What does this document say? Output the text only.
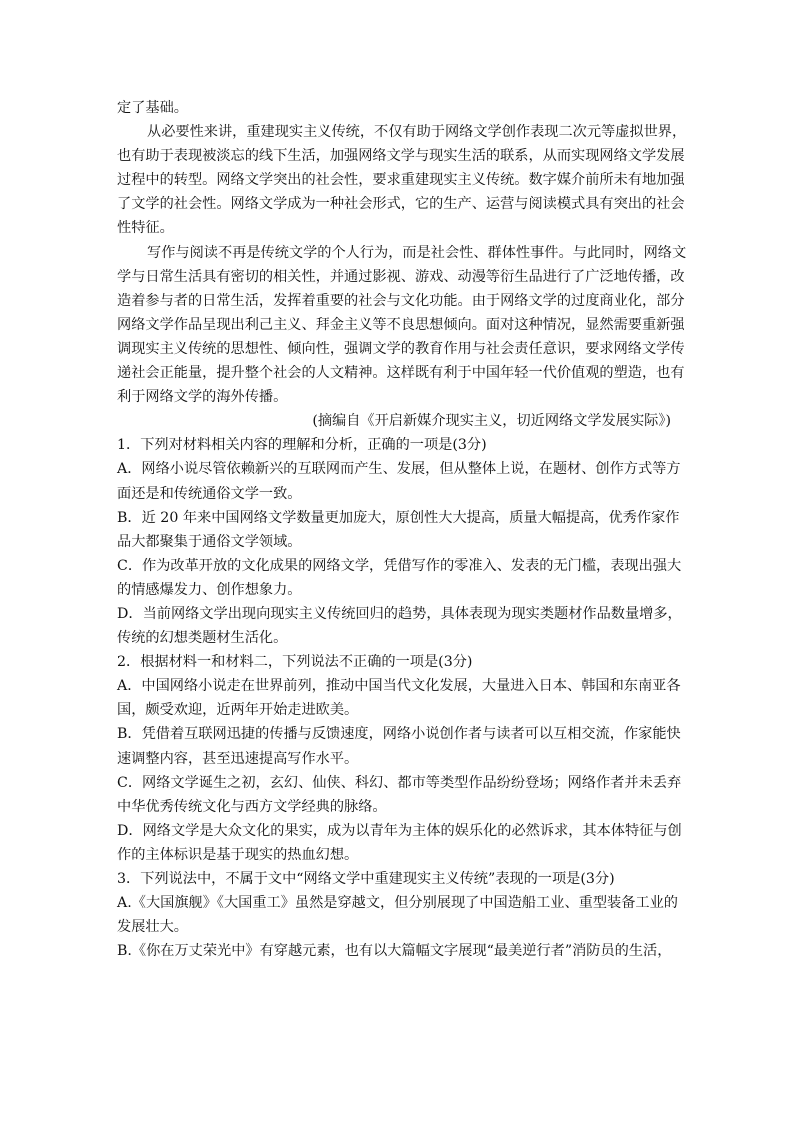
定了基础。
从必要性来讲，重建现实主义传统，不仅有助于网络文学创作表现二次元等虚拟世界，
也有助于表现被淡忘的线下生活，加强网络文学与现实生活的联系，从而实现网络文学发展
过程中的转型。网络文学突出的社会性，要求重建现实主义传统。数字媒介前所未有地加强
了文学的社会性。网络文学成为一种社会形式，它的生产、运营与阅读模式具有突出的社会
性特征。
写作与阅读不再是传统文学的个人行为，而是社会性、群体性事件。与此同时，网络文
学与日常生活具有密切的相关性，并通过影视、游戏、动漫等衍生品进行了广泛地传播，改
造着参与者的日常生活，发挥着重要的社会与文化功能。由于网络文学的过度商业化，部分
网络文学作品呈现出利己主义、拜金主义等不良思想倾向。面对这种情况，显然需要重新强
调现实主义传统的思想性、倾向性，强调文学的教育作用与社会责任意识，要求网络文学传
递社会正能量，提升整个社会的人文精神。这样既有利于中国年轻一代价值观的塑造，也有
利于网络文学的海外传播。
(摘编自《开启新媒介现实主义，切近网络文学发展实际》)
1．下列对材料相关内容的理解和分析，正确的一项是(3分)
A．网络小说尽管依赖新兴的互联网而产生、发展，但从整体上说，在题材、创作方式等方
面还是和传统通俗文学一致。
B．近 20 年来中国网络文学数量更加庞大，原创性大大提高，质量大幅提高，优秀作家作
品大都聚集于通俗文学领域。
C．作为改革开放的文化成果的网络文学，凭借写作的零准入、发表的无门槛，表现出强大
的情感爆发力、创作想象力。
D．当前网络文学出现向现实主义传统回归的趋势，具体表现为现实类题材作品数量增多，
传统的幻想类题材生活化。
2．根据材料一和材料二，下列说法不正确的一项是(3分)
A．中国网络小说走在世界前列，推动中国当代文化发展，大量进入日本、韩国和东南亚各
国，颇受欢迎，近两年开始走进欧美。
B．凭借着互联网迅捷的传播与反馈速度，网络小说创作者与读者可以互相交流，作家能快
速调整内容，甚至迅速提高写作水平。
C．网络文学诞生之初，玄幻、仙侠、科幻、都市等类型作品纷纷登场；网络作者并未丢弃
中华优秀传统文化与西方文学经典的脉络。
D．网络文学是大众文化的果实，成为以青年为主体的娱乐化的必然诉求，其本体特征与创
作的主体标识是基于现实的热血幻想。
3．下列说法中，不属于文中“网络文学中重建现实主义传统”表现的一项是(3分)
A.《大国旗舰》《大国重工》虽然是穿越文，但分别展现了中国造船工业、重型装备工业的
发展壮大。
B.《你在万丈荣光中》有穿越元素，也有以大篇幅文字展现“最美逆行者”消防员的生活，
